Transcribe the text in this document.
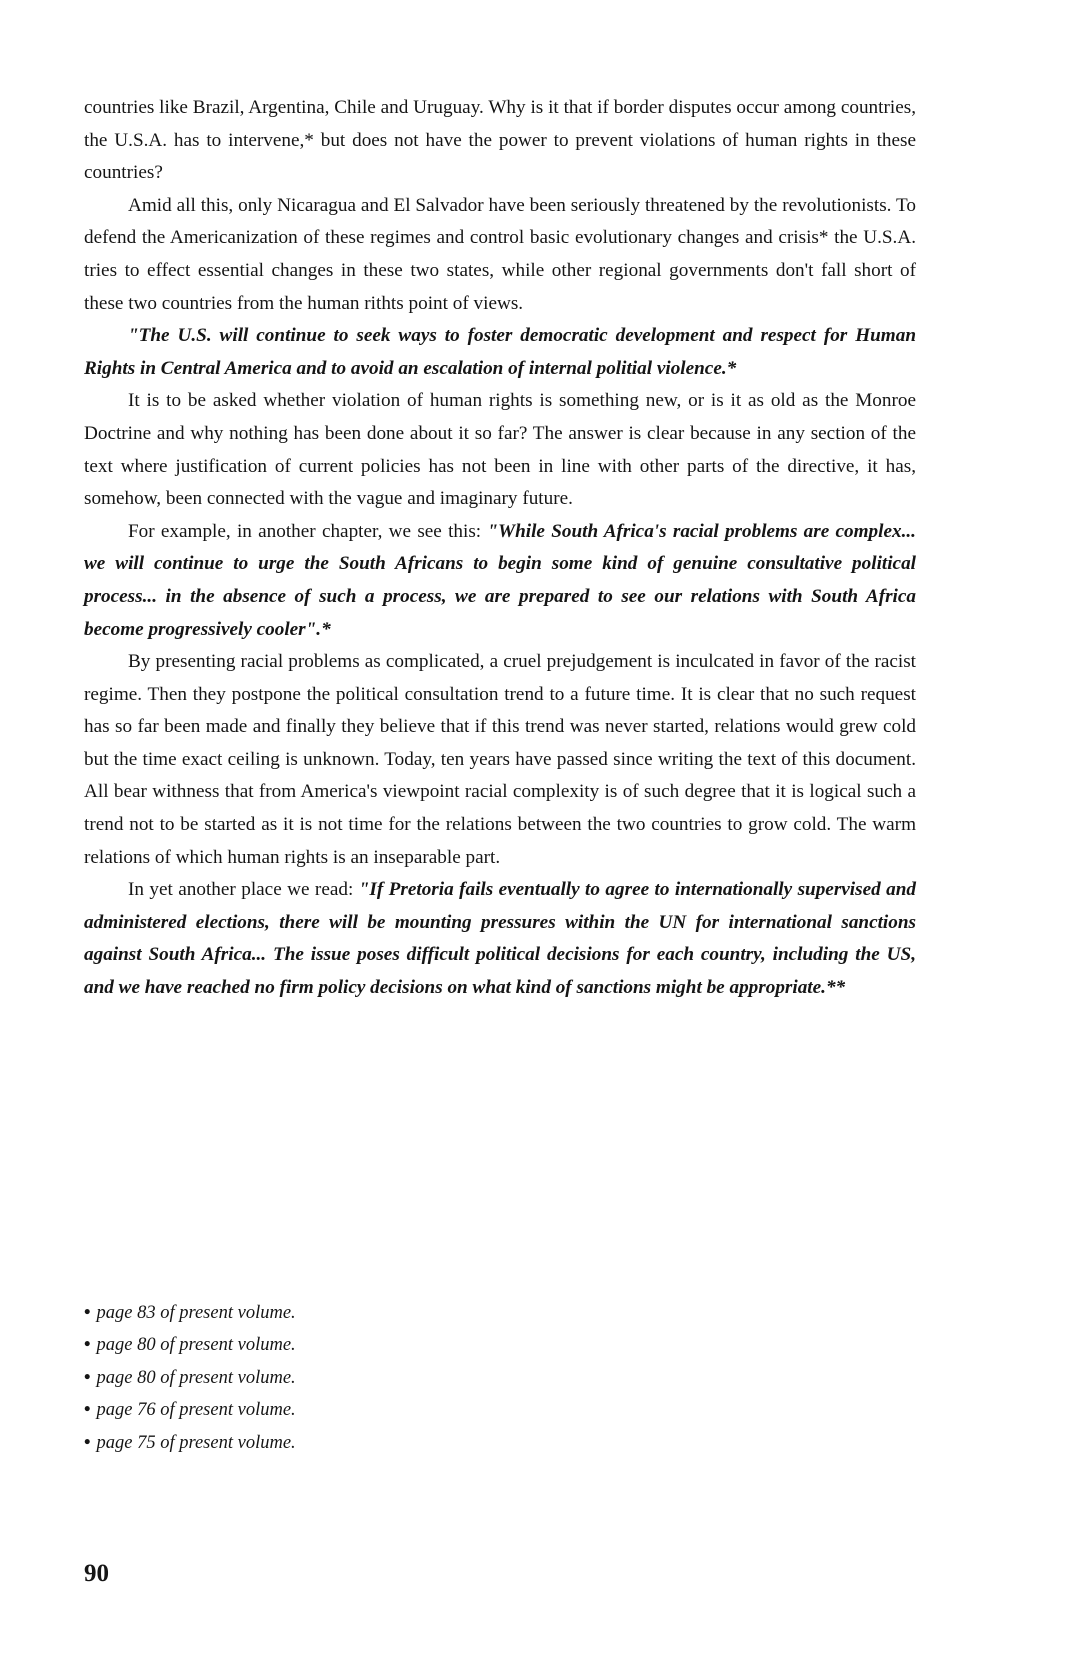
countries like Brazil, Argentina, Chile and Uruguay. Why is it that if border disputes occur among countries, the U.S.A. has to intervene,* but does not have the power to prevent violations of human rights in these countries?

Amid all this, only Nicaragua and El Salvador have been seriously threatened by the revolutionists. To defend the Americanization of these regimes and control basic evolutionary changes and crisis* the U.S.A. tries to effect essential changes in these two states, while other regional governments don't fall short of these two countries from the human rithts point of views.

"The U.S. will continue to seek ways to foster democratic development and respect for Human Rights in Central America and to avoid an escalation of internal politial violence.*

It is to be asked whether violation of human rights is something new, or is it as old as the Monroe Doctrine and why nothing has been done about it so far? The answer is clear because in any section of the text where justification of current policies has not been in line with other parts of the directive, it has, somehow, been connected with the vague and imaginary future.

For example, in another chapter, we see this: "While South Africa's racial problems are complex... we will continue to urge the South Africans to begin some kind of genuine consultative political process... in the absence of such a process, we are prepared to see our relations with South Africa become progressively cooler".*

By presenting racial problems as complicated, a cruel prejudgement is inculcated in favor of the racist regime. Then they postpone the political consultation trend to a future time. It is clear that no such request has so far been made and finally they believe that if this trend was never started, relations would grew cold but the time exact ceiling is unknown. Today, ten years have passed since writing the text of this document. All bear withness that from America's viewpoint racial complexity is of such degree that it is logical such a trend not to be started as it is not time for the relations between the two countries to grow cold. The warm relations of which human rights is an inseparable part.

In yet another place we read: "If Pretoria fails eventually to agree to internationally supervised and administered elections, there will be mounting pressures within the UN for international sanctions against South Africa... The issue poses difficult political decisions for each country, including the US, and we have reached no firm policy decisions on what kind of sanctions might be appropriate.**

• page 83 of present volume.
• page 80 of present volume.
• page 80 of present volume.
• page 76 of present volume.
• page 75 of present volume.
90
